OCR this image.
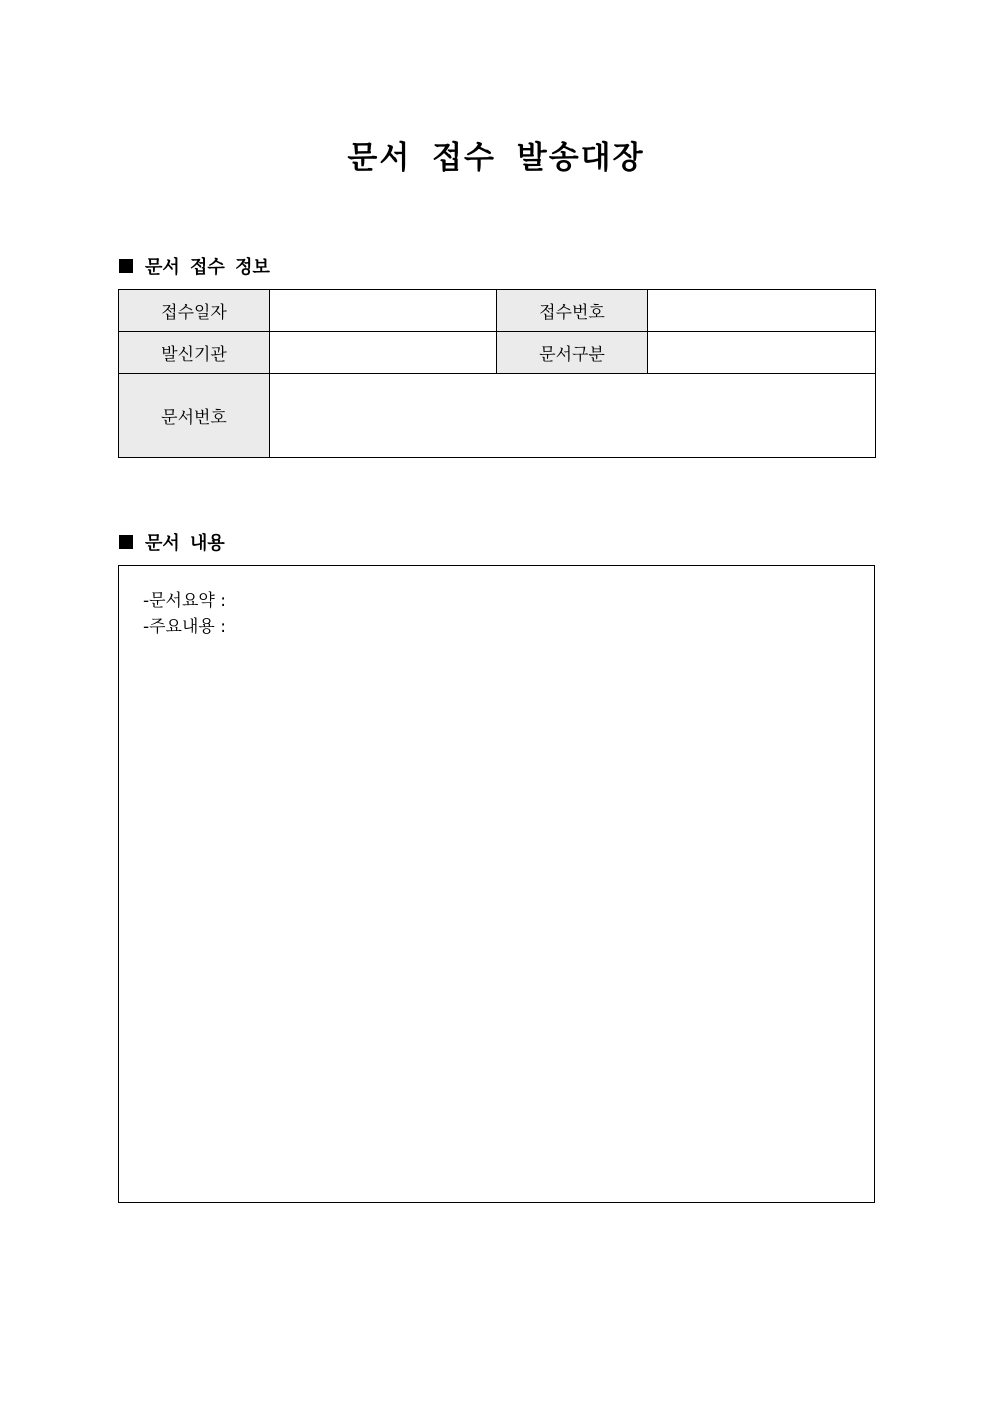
문서 접수 발송대장
문서 접수 정보
접수일자		접수번호	
발신기관		문서구분	
문서번호			
문서 내용
-문서요약 :
-주요내용 :
